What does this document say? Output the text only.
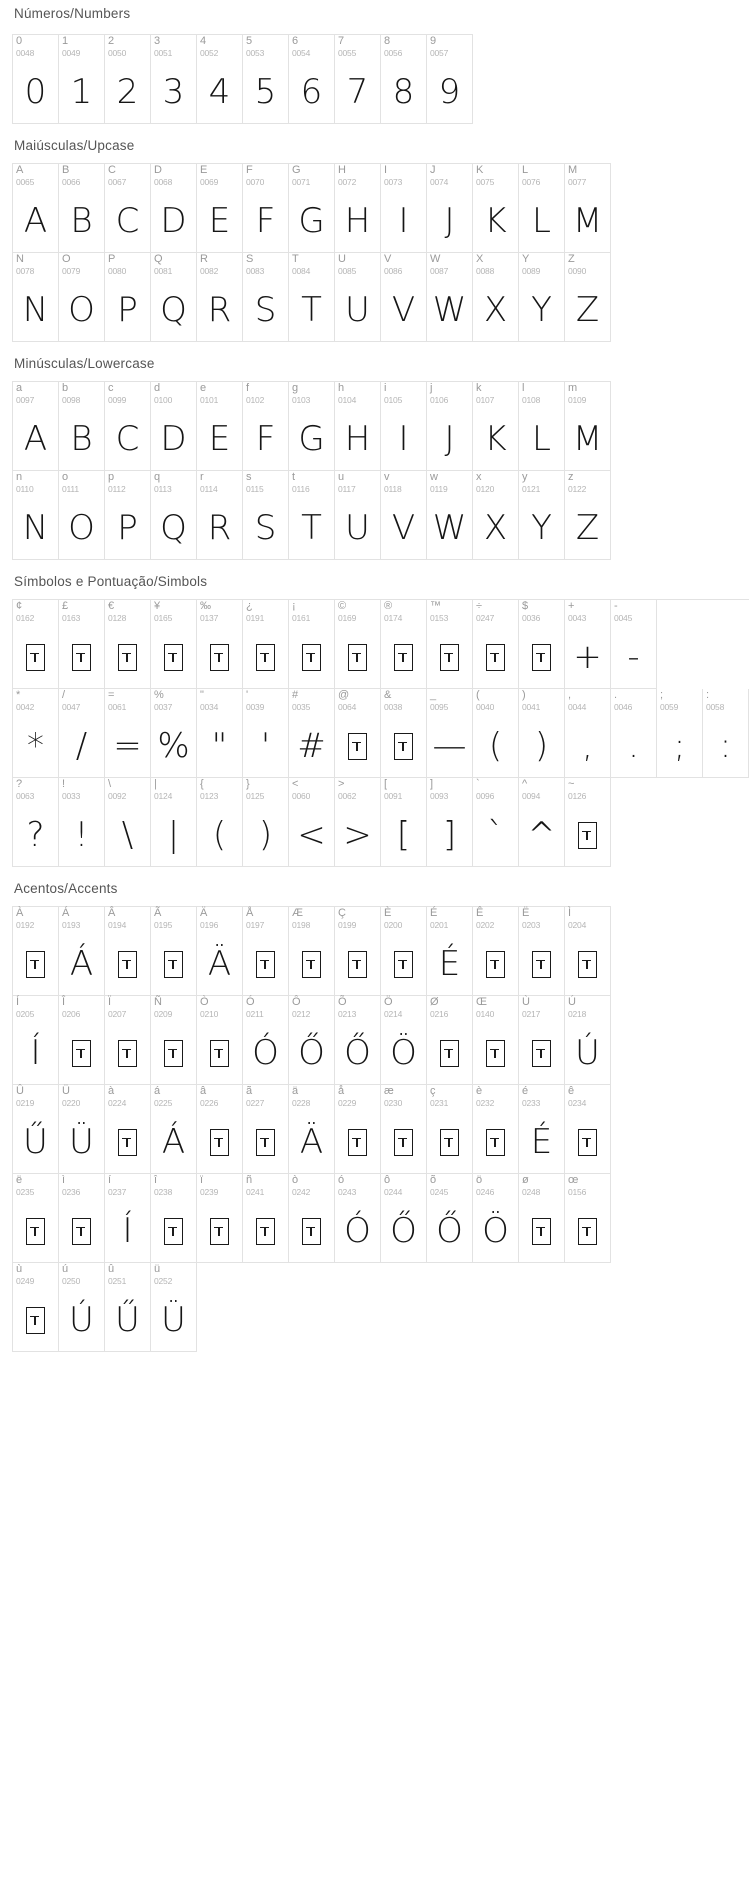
Números/Numbers
0
0048
0
1
0049
1
2
0050
2
3
0051
3
4
0052
4
5
0053
5
6
0054
6
7
0055
7
8
0056
8
9
0057
9
Maiúsculas/Upcase
A
0065
A
B
0066
B
C
0067
C
D
0068
D
E
0069
E
F
0070
F
G
0071
G
H
0072
H
I
0073
I
J
0074
J
K
0075
K
L
0076
L
M
0077
M
N
0078
N
O
0079
O
P
0080
P
Q
0081
Q
R
0082
R
S
0083
S
T
0084
T
U
0085
U
V
0086
V
W
0087
W
X
0088
X
Y
0089
Y
Z
0090
Z
Minúsculas/Lowercase
a
0097
A
b
0098
B
c
0099
C
d
0100
D
e
0101
E
f
0102
F
g
0103
G
h
0104
H
i
0105
I
j
0106
J
k
0107
K
l
0108
L
m
0109
M
n
0110
N
o
0111
O
p
0112
P
q
0113
Q
r
0114
R
s
0115
S
t
0116
T
u
0117
U
v
0118
V
w
0119
W
x
0120
X
y
0121
Y
z
0122
Z
Símbolos e Pontuação/Simbols
¢
0162
£
0163
€
0128
¥
0165
‰
0137
¿
0191
¡
0161
©
0169
®
0174
™
0153
÷
0247
$
0036
+
0043
+
-
0045
-
*
0042
*
/
0047
/
=
0061
=
%
0037
%
"
0034
"
'
0039
'
#
0035
#
@
0064
&
0038
_
0095
—
(
0040
(
)
0041
)
,
0044
,
.
0046
.
;
0059
;
:
0058
:
?
0063
?
!
0033
!
\
0092
\
|
0124
|
{
0123
(
}
0125
)
<
0060
<
>
0062
>
[
0091
[
]
0093
]
`
0096
`
^
0094
^
~
0126
Acentos/Accents
À
0192
Á
0193
Á
Â
0194
Ã
0195
Ä
0196
Ä
Å
0197
Æ
0198
Ç
0199
È
0200
É
0201
É
Ê
0202
Ë
0203
Ì
0204
Í
0205
Í
Î
0206
Ï
0207
Ñ
0209
Ò
0210
Ó
0211
Ó
Ô
0212
Ő
Õ
0213
Ő
Ö
0214
Ö
Ø
0216
Œ
0140
Ù
0217
Ú
0218
Ú
Û
0219
Ű
Ü
0220
Ü
à
0224
á
0225
Á
â
0226
ã
0227
ä
0228
Ä
å
0229
æ
0230
ç
0231
è
0232
é
0233
É
ê
0234
ë
0235
ì
0236
í
0237
Í
î
0238
ï
0239
ñ
0241
ò
0242
ó
0243
Ó
ô
0244
Ő
õ
0245
Ő
ö
0246
Ö
ø
0248
œ
0156
ù
0249
ú
0250
Ú
û
0251
Ű
ü
0252
Ü
